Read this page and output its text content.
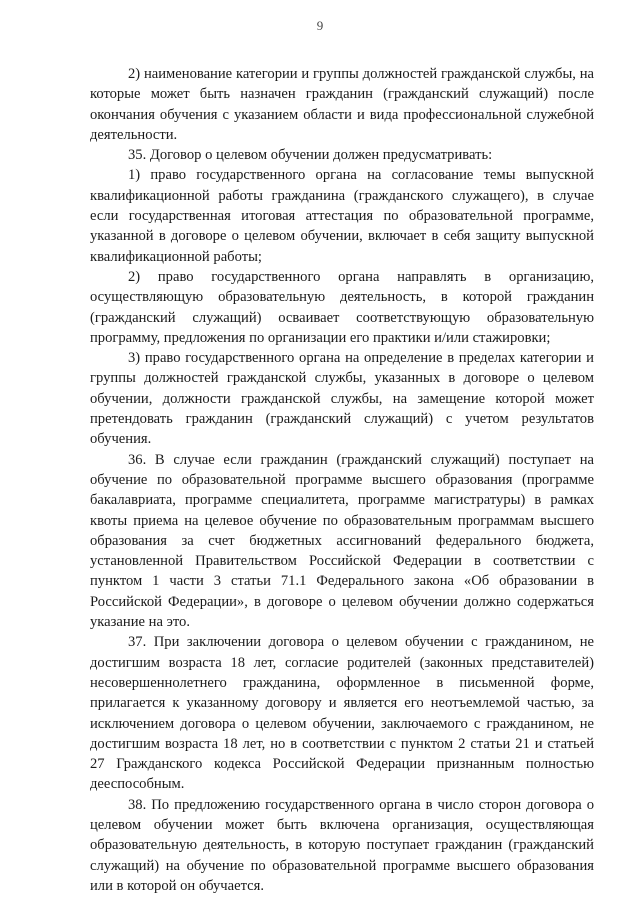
9

2) наименование категории и группы должностей гражданской службы, на которые может быть назначен гражданин (гражданский служащий) после окончания обучения с указанием области и вида профессиональной служебной деятельности.

35. Договор о целевом обучении должен предусматривать:

1) право государственного органа на согласование темы выпускной квалификационной работы гражданина (гражданского служащего), в случае если государственная итоговая аттестация по образовательной программе, указанной в договоре о целевом обучении, включает в себя защиту выпускной квалификационной работы;

2) право государственного органа направлять в организацию, осуществляющую образовательную деятельность, в которой гражданин (гражданский служащий) осваивает соответствующую образовательную программу, предложения по организации его практики и/или стажировки;

3) право государственного органа на определение в пределах категории и группы должностей гражданской службы, указанных в договоре о целевом обучении, должности гражданской службы, на замещение которой может претендовать гражданин (гражданский служащий) с учетом результатов обучения.

36. В случае если гражданин (гражданский служащий) поступает на обучение по образовательной программе высшего образования (программе бакалавриата, программе специалитета, программе магистратуры) в рамках квоты приема на целевое обучение по образовательным программам высшего образования за счет бюджетных ассигнований федерального бюджета, установленной Правительством Российской Федерации в соответствии с пунктом 1 части 3 статьи 71.1 Федерального закона «Об образовании в Российской Федерации», в договоре о целевом обучении должно содержаться указание на это.

37. При заключении договора о целевом обучении с гражданином, не достигшим возраста 18 лет, согласие родителей (законных представителей) несовершеннолетнего гражданина, оформленное в письменной форме, прилагается к указанному договору и является его неотъемлемой частью, за исключением договора о целевом обучении, заключаемого с гражданином, не достигшим возраста 18 лет, но в соответствии с пунктом 2 статьи 21 и статьей 27 Гражданского кодекса Российской Федерации признанным полностью дееспособным.

38. По предложению государственного органа в число сторон договора о целевом обучении может быть включена организация, осуществляющая образовательную деятельность, в которую поступает гражданин (гражданский служащий) на обучение по образовательной программе высшего образования или в которой он обучается.
